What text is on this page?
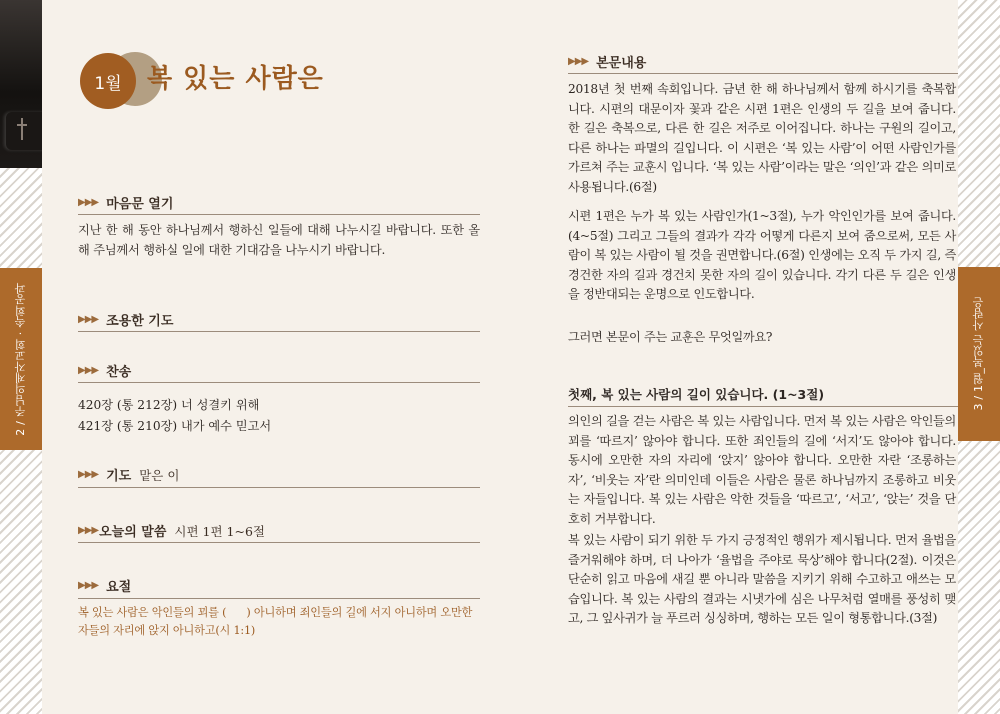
2 / 주님의제자교회 · 속회공과	3 / 1월_복있는 사람은
1월 복 있는 사람은
▶▶▶ 마음문 열기
지난 한 해 동안 하나님께서 행하신 일들에 대해 나누시길 바랍니다. 또한 올해 주님께서 행하실 일에 대한 기대감을 나누시기 바랍니다.
▶▶▶ 조용한 기도
▶▶▶ 찬송
420장 (통 212장) 너 성결키 위해
421장 (통 210장) 내가 예수 믿고서
▶▶▶ 기도 맡은 이
▶▶▶ 오늘의 말씀 시편 1편 1~6절
▶▶▶ 요절
복 있는 사람은 악인들의 꾀를 (      ) 아니하며 죄인들의 길에 서지 아니하며 오만한 자들의 자리에 앉지 아니하고(시 1:1)
▶▶▶ 본문내용
2018년 첫 번째 속회입니다. 금년 한 해 하나님께서 함께 하시기를 축복합니다. 시편의 대문이자 꽃과 같은 시편 1편은 인생의 두 길을 보여 줍니다. 한 길은 축복으로, 다른 한 길은 저주로 이어집니다. 하나는 구원의 길이고, 다른 하나는 파멸의 길입니다. 이 시편은 ‘복 있는 사람’이 어떤 사람인가를 가르쳐 주는 교훈시 입니다. ‘복 있는 사람’이라는 말은 ‘의인’과 같은 의미로 사용됩니다.(6절)
시편 1편은 누가 복 있는 사람인가(1~3절), 누가 악인인가를 보여 줍니다.(4~5절) 그리고 그들의 결과가 각각 어떻게 다른지 보여 줌으로써, 모든 사람이 복 있는 사람이 될 것을 권면합니다.(6절) 인생에는 오직 두 가지 길, 즉 경건한 자의 길과 경건치 못한 자의 길이 있습니다. 각기 다른 두 길은 인생을 정반대되는 운명으로 인도합니다.
그러면 본문이 주는 교훈은 무엇일까요?
첫째, 복 있는 사람의 길이 있습니다. (1~3절)
의인의 길을 걷는 사람은 복 있는 사람입니다. 먼저 복 있는 사람은 악인들의 꾀를 ‘따르지’ 않아야 합니다. 또한 죄인들의 길에 ‘서지’도 않아야 합니다. 동시에 오만한 자의 자리에 ‘앉지’ 않아야 합니다. 오만한 자란 ‘조롱하는 자’, ‘비웃는 자’란 의미인데 이들은 사람은 물론 하나님까지 조롱하고 비웃는 자들입니다. 복 있는 사람은 악한 것들을 ‘따르고’, ‘서고’, ‘앉는’ 것을 단호히 거부합니다.
복 있는 사람이 되기 위한 두 가지 긍정적인 행위가 제시됩니다. 먼저 율법을 즐거워해야 하며, 더 나아가 ‘율법을 주야로 묵상’해야 합니다(2절). 이것은 단순히 읽고 마음에 새길 뿐 아니라 말씀을 지키기 위해 수고하고 애쓰는 모습입니다. 복 있는 사람의 결과는 시냇가에 심은 나무처럼 열매를 풍성히 맺고, 그 잎사귀가 늘 푸르러 싱싱하며, 행하는 모든 일이 형통합니다.(3절)
